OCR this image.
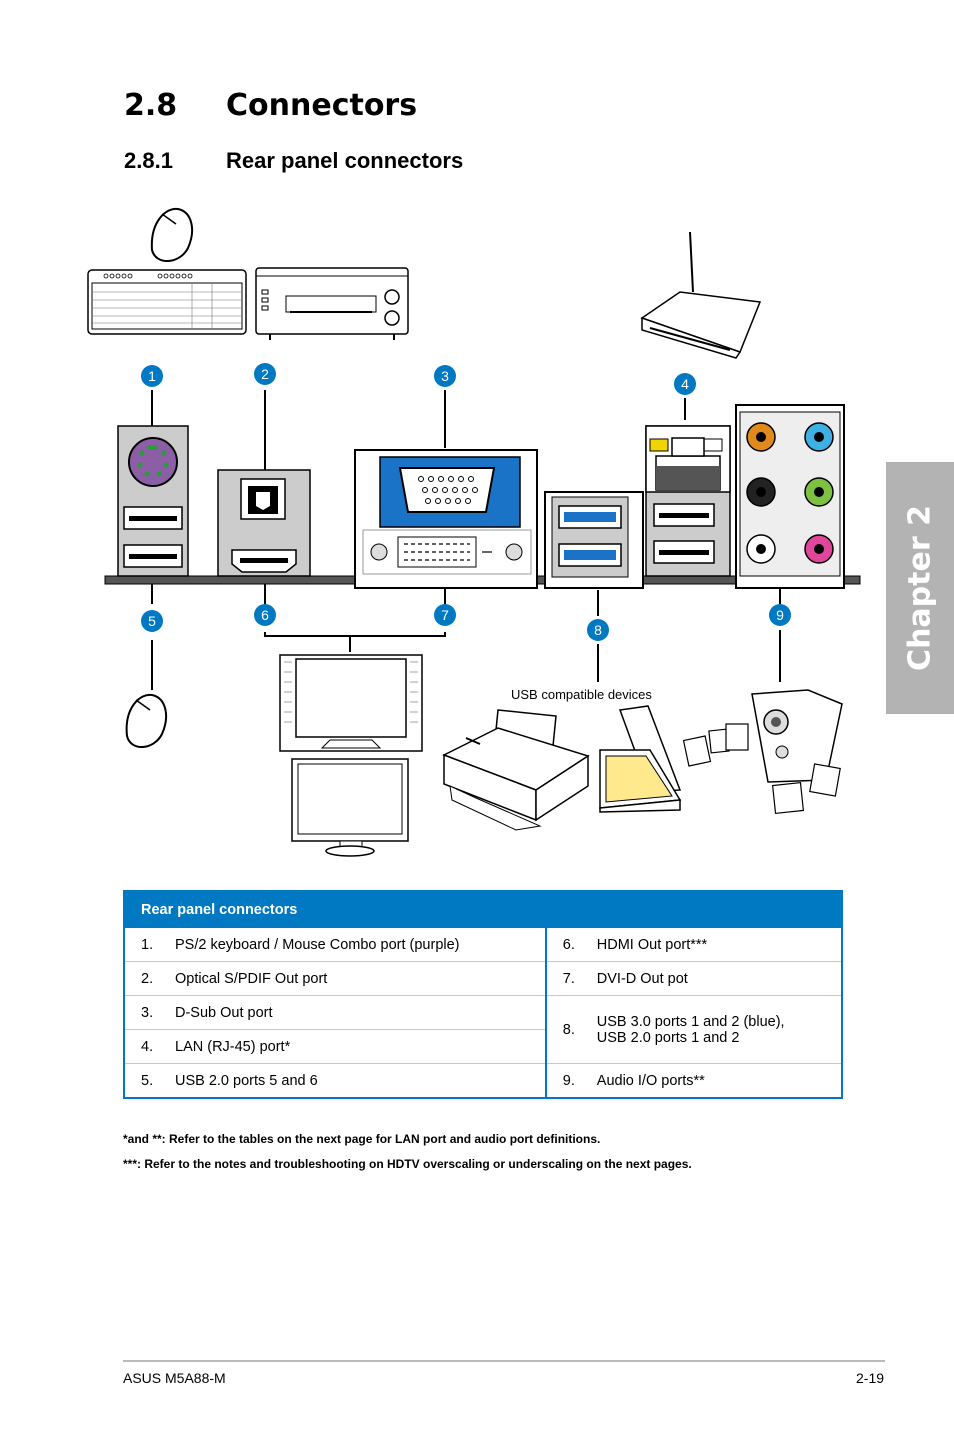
2.8 Connectors
2.8.1 Rear panel connectors
Chapter 2
1	2	3	4
5	6	7
8
9
USB compatible devices
Rear panel connectors			
1.	PS/2 keyboard / Mouse Combo port (purple)	6.	HDMI Out port***
2.	Optical S/PDIF Out port	7.	DVI-D Out pot
3.	D-Sub Out port	8.	USB 3.0 ports 1 and 2 (blue),
USB 2.0 ports 1 and 2
4.	LAN (RJ-45) port*		
5.	USB 2.0 ports 5 and 6	9.	Audio I/O ports**
*and **: Refer to the tables on the next page for LAN port and audio port definitions.
***: Refer to the notes and troubleshooting on HDTV overscaling or underscaling on the next pages.
ASUS M5A88-M	2-19
